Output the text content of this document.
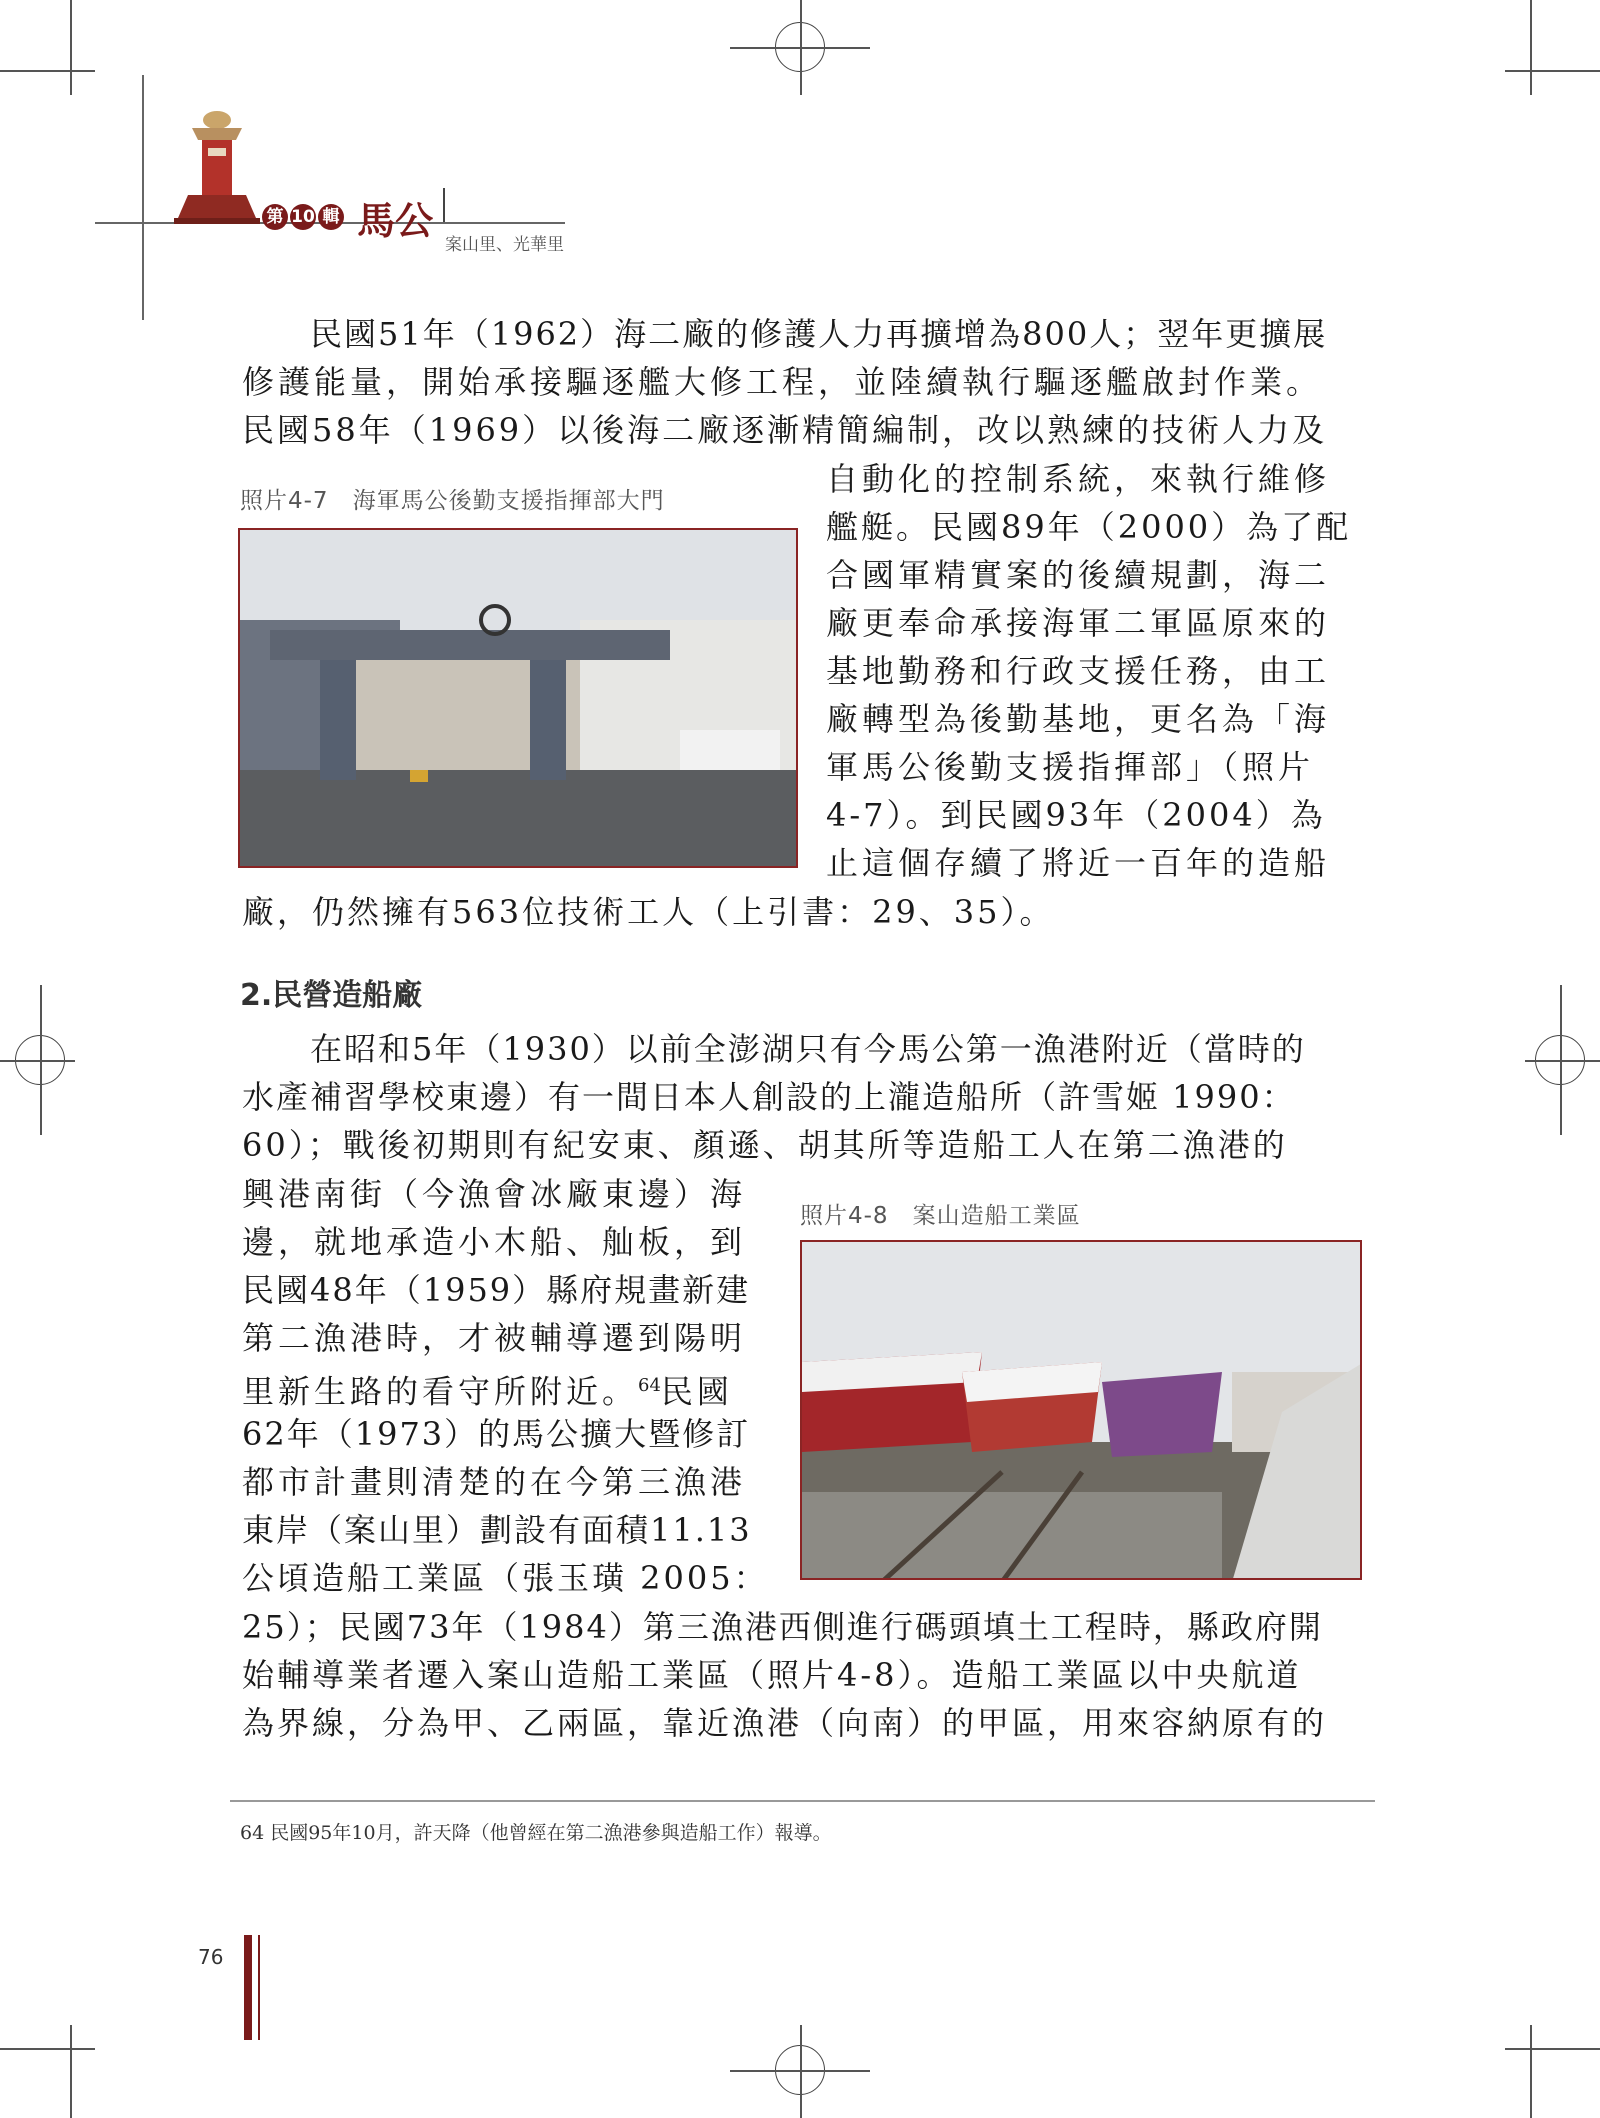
第 10 輯 馬公
案山里、光華里
　　民國51年（1962）海二廠的修護人力再擴增為800人；翌年更擴展
修護能量，開始承接驅逐艦大修工程，並陸續執行驅逐艦啟封作業。
民國58年（1969）以後海二廠逐漸精簡編制，改以熟練的技術人力及
照片4-7　海軍馬公後勤支援指揮部大門
自動化的控制系統，來執行維修
艦艇。民國89年（2000）為了配
合國軍精實案的後續規劃，海二
廠更奉命承接海軍二軍區原來的
基地勤務和行政支援任務，由工
廠轉型為後勤基地，更名為「海
軍馬公後勤支援指揮部」（照片
4-7）。到民國93年（2004）為
止這個存續了將近一百年的造船
廠，仍然擁有563位技術工人（上引書：29、35）。
2.民營造船廠
　　在昭和5年（1930）以前全澎湖只有今馬公第一漁港附近（當時的
水產補習學校東邊）有一間日本人創設的上瀧造船所（許雪姬 1990：
60）；戰後初期則有紀安東、顏遜、胡其所等造船工人在第二漁港的
興港南街（今漁會冰廠東邊）海
邊，就地承造小木船、舢板，到
民國48年（1959）縣府規畫新建
第二漁港時，才被輔導遷到陽明
里新生路的看守所附近。$^{64}$民國
62年（1973）的馬公擴大暨修訂
都市計畫則清楚的在今第三漁港
東岸（案山里）劃設有面積11.13
公頃造船工業區（張玉璜 2005：
照片4-8　案山造船工業區
25）；民國73年（1984）第三漁港西側進行碼頭填土工程時，縣政府開
始輔導業者遷入案山造船工業區（照片4-8）。造船工業區以中央航道
為界線，分為甲、乙兩區，靠近漁港（向南）的甲區，用來容納原有的
64 民國95年10月，許天降（他曾經在第二漁港參與造船工作）報導。
76
